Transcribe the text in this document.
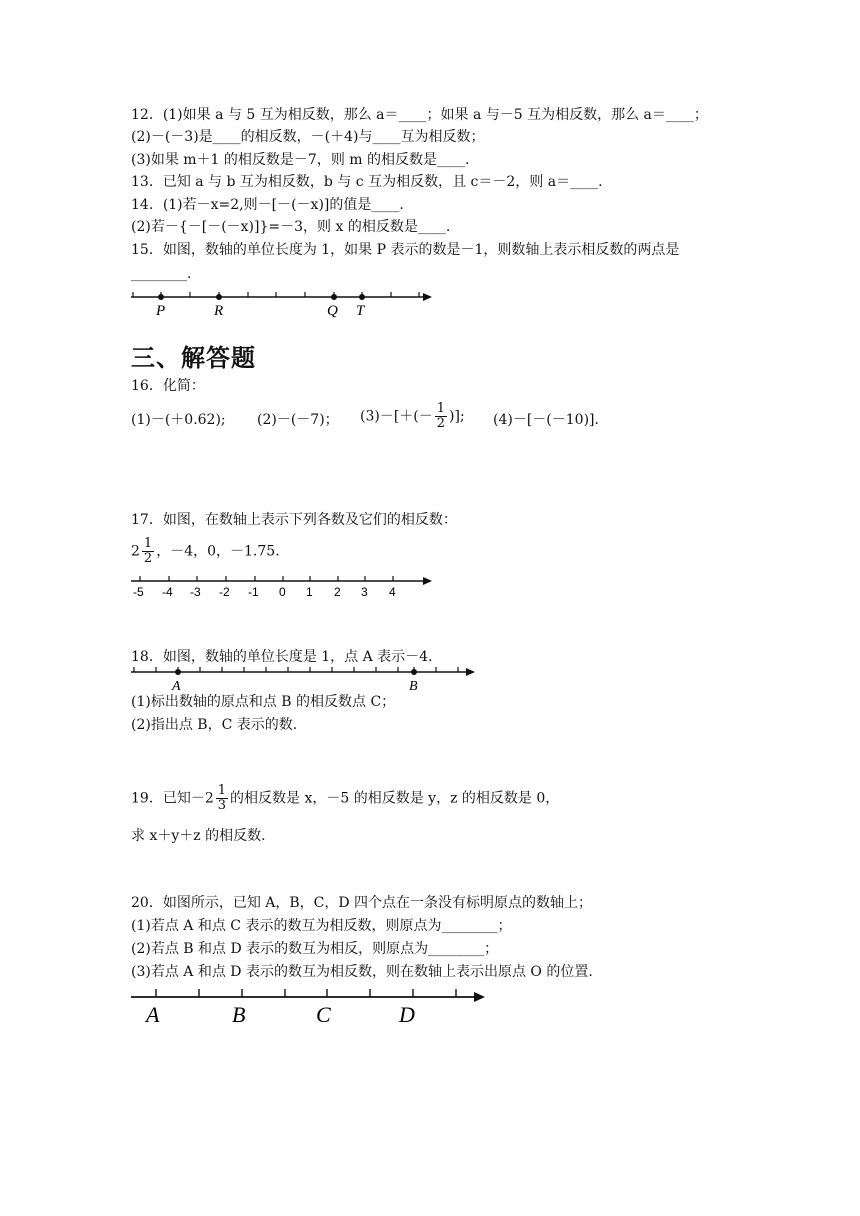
12．(1)如果 a 与 5 互为相反数，那么 a＝____；如果 a 与－5 互为相反数，那么 a＝____；
(2)－(－3)是____的相反数，－(＋4)与____互为相反数；
(3)如果 m＋1 的相反数是－7，则 m 的相反数是____.
13．已知 a 与 b 互为相反数，b 与 c 互为相反数，且 c＝－2，则 a＝____.
14．(1)若－x=2,则－[－(－x)]的值是____.
(2)若－{－[－(－x)]}=－3，则 x 的相反数是____.
15．如图，数轴的单位长度为 1，如果 P 表示的数是－1，则数轴上表示相反数的两点是
________.
P	R	Q T
-5 -4 -3 -2 -1 0 1 2 3 4
A	B
A	B	C	D
三、解答题
16．化简：
(1)－(＋0.62); (2)－(－7)； $(3)-[+(- \frac{1}{2}$ )]; (4)－[－(－10)].
17．如图，在数轴上表示下列各数及它们的相反数：
$2 \frac{1}{2}$ ，－4，0，－1.75.
18．如图，数轴的单位长度是 1，点 A 表示－4.
(1)标出数轴的原点和点 B 的相反数点 C；
(2)指出点 B，C 表示的数.
19．已知$-2 \frac{1}{3}$ 的相反数是 x，－5 的相反数是 y，z 的相反数是 0，
求 x＋y＋z 的相反数.
20．如图所示，已知 A，B，C，D 四个点在一条没有标明原点的数轴上；
(1)若点 A 和点 C 表示的数互为相反数，则原点为________；
(2)若点 B 和点 D 表示的数互为相反，则原点为________；
(3)若点 A 和点 D 表示的数互为相反数，则在数轴上表示出原点 O 的位置.
